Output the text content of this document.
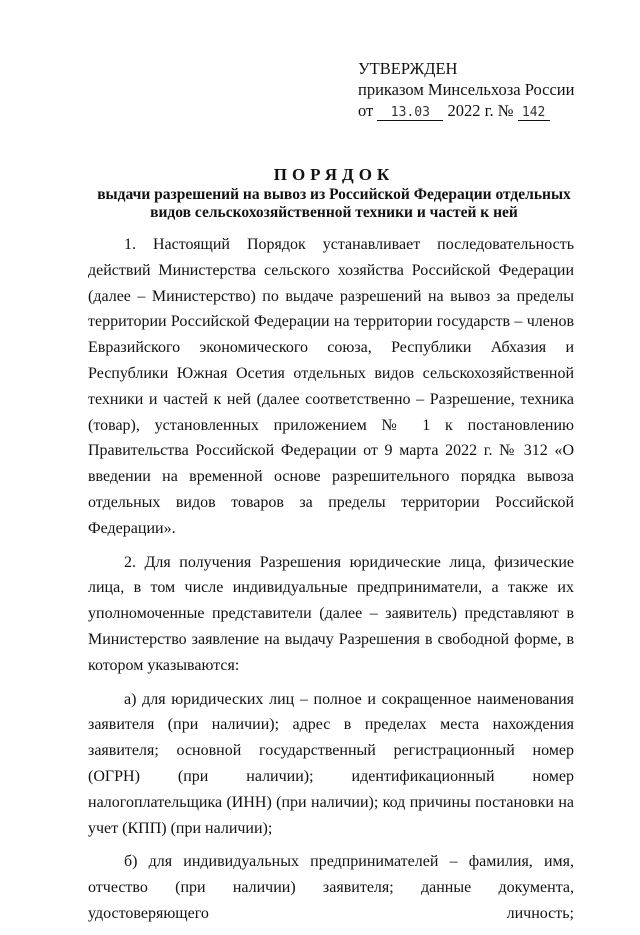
УТВЕРЖДЕН
приказом Минсельхоза России
от 13.03 2022 г. № 142
ПОРЯДОК
выдачи разрешений на вывоз из Российской Федерации отдельных видов сельскохозяйственной техники и частей к ней

1. Настоящий Порядок устанавливает последовательность действий Министерства сельского хозяйства Российской Федерации (далее – Министерство) по выдаче разрешений на вывоз за пределы территории Российской Федерации на территории государств – членов Евразийского экономического союза, Республики Абхазия и Республики Южная Осетия отдельных видов сельскохозяйственной техники и частей к ней (далее соответственно – Разрешение, техника (товар), установленных приложением № 1 к постановлению Правительства Российской Федерации от 9 марта 2022 г. № 312 «О введении на временной основе разрешительного порядка вывоза отдельных видов товаров за пределы территории Российской Федерации».

2. Для получения Разрешения юридические лица, физические лица, в том числе индивидуальные предприниматели, а также их уполномоченные представители (далее – заявитель) представляют в Министерство заявление на выдачу Разрешения в свободной форме, в котором указываются:

а) для юридических лиц – полное и сокращенное наименования заявителя (при наличии); адрес в пределах места нахождения заявителя; основной государственный регистрационный номер (ОГРН) (при наличии); идентификационный номер налогоплательщика (ИНН) (при наличии); код причины постановки на учет (КПП) (при наличии);

б) для индивидуальных предпринимателей – фамилия, имя, отчество (при наличии) заявителя; данные документа, удостоверяющего личность;
